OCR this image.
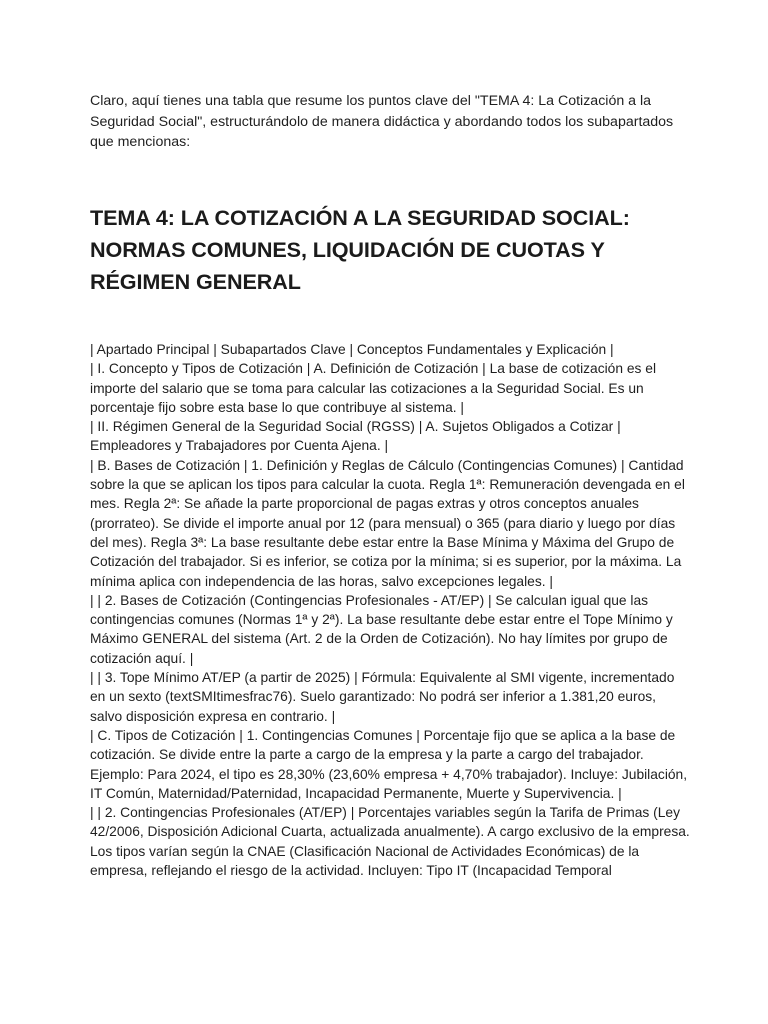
Claro, aquí tienes una tabla que resume los puntos clave del "TEMA 4: La Cotización a la Seguridad Social", estructurándolo de manera didáctica y abordando todos los subapartados que mencionas:

TEMA 4: LA COTIZACIÓN A LA SEGURIDAD SOCIAL: NORMAS COMUNES, LIQUIDACIÓN DE CUOTAS Y RÉGIMEN GENERAL
| Apartado Principal | Subapartados Clave | Conceptos Fundamentales y Explicación |
| I. Concepto y Tipos de Cotización | A. Definición de Cotización | La base de cotización es el importe del salario que se toma para calcular las cotizaciones a la Seguridad Social. Es un porcentaje fijo sobre esta base lo que contribuye al sistema. |
| II. Régimen General de la Seguridad Social (RGSS) | A. Sujetos Obligados a Cotizar | Empleadores y Trabajadores por Cuenta Ajena. |
| B. Bases de Cotización | 1. Definición y Reglas de Cálculo (Contingencias Comunes) | Cantidad sobre la que se aplican los tipos para calcular la cuota. Regla 1ª: Remuneración devengada en el mes. Regla 2ª: Se añade la parte proporcional de pagas extras y otros conceptos anuales (prorrateo). Se divide el importe anual por 12 (para mensual) o 365 (para diario y luego por días del mes). Regla 3ª: La base resultante debe estar entre la Base Mínima y Máxima del Grupo de Cotización del trabajador. Si es inferior, se cotiza por la mínima; si es superior, por la máxima. La mínima aplica con independencia de las horas, salvo excepciones legales. |
| | 2. Bases de Cotización (Contingencias Profesionales - AT/EP) | Se calculan igual que las contingencias comunes (Normas 1ª y 2ª). La base resultante debe estar entre el Tope Mínimo y Máximo GENERAL del sistema (Art. 2 de la Orden de Cotización). No hay límites por grupo de cotización aquí. |
| | 3. Tope Mínimo AT/EP (a partir de 2025) | Fórmula: Equivalente al SMI vigente, incrementado en un sexto (textSMItimesfrac76). Suelo garantizado: No podrá ser inferior a 1.381,20 euros, salvo disposición expresa en contrario. |
| C. Tipos de Cotización | 1. Contingencias Comunes | Porcentaje fijo que se aplica a la base de cotización. Se divide entre la parte a cargo de la empresa y la parte a cargo del trabajador. Ejemplo: Para 2024, el tipo es 28,30% (23,60% empresa + 4,70% trabajador). Incluye: Jubilación, IT Común, Maternidad/Paternidad, Incapacidad Permanente, Muerte y Supervivencia. |
| | 2. Contingencias Profesionales (AT/EP) | Porcentajes variables según la Tarifa de Primas (Ley 42/2006, Disposición Adicional Cuarta, actualizada anualmente). A cargo exclusivo de la empresa. Los tipos varían según la CNAE (Clasificación Nacional de Actividades Económicas) de la empresa, reflejando el riesgo de la actividad. Incluyen: Tipo IT (Incapacidad Temporal
